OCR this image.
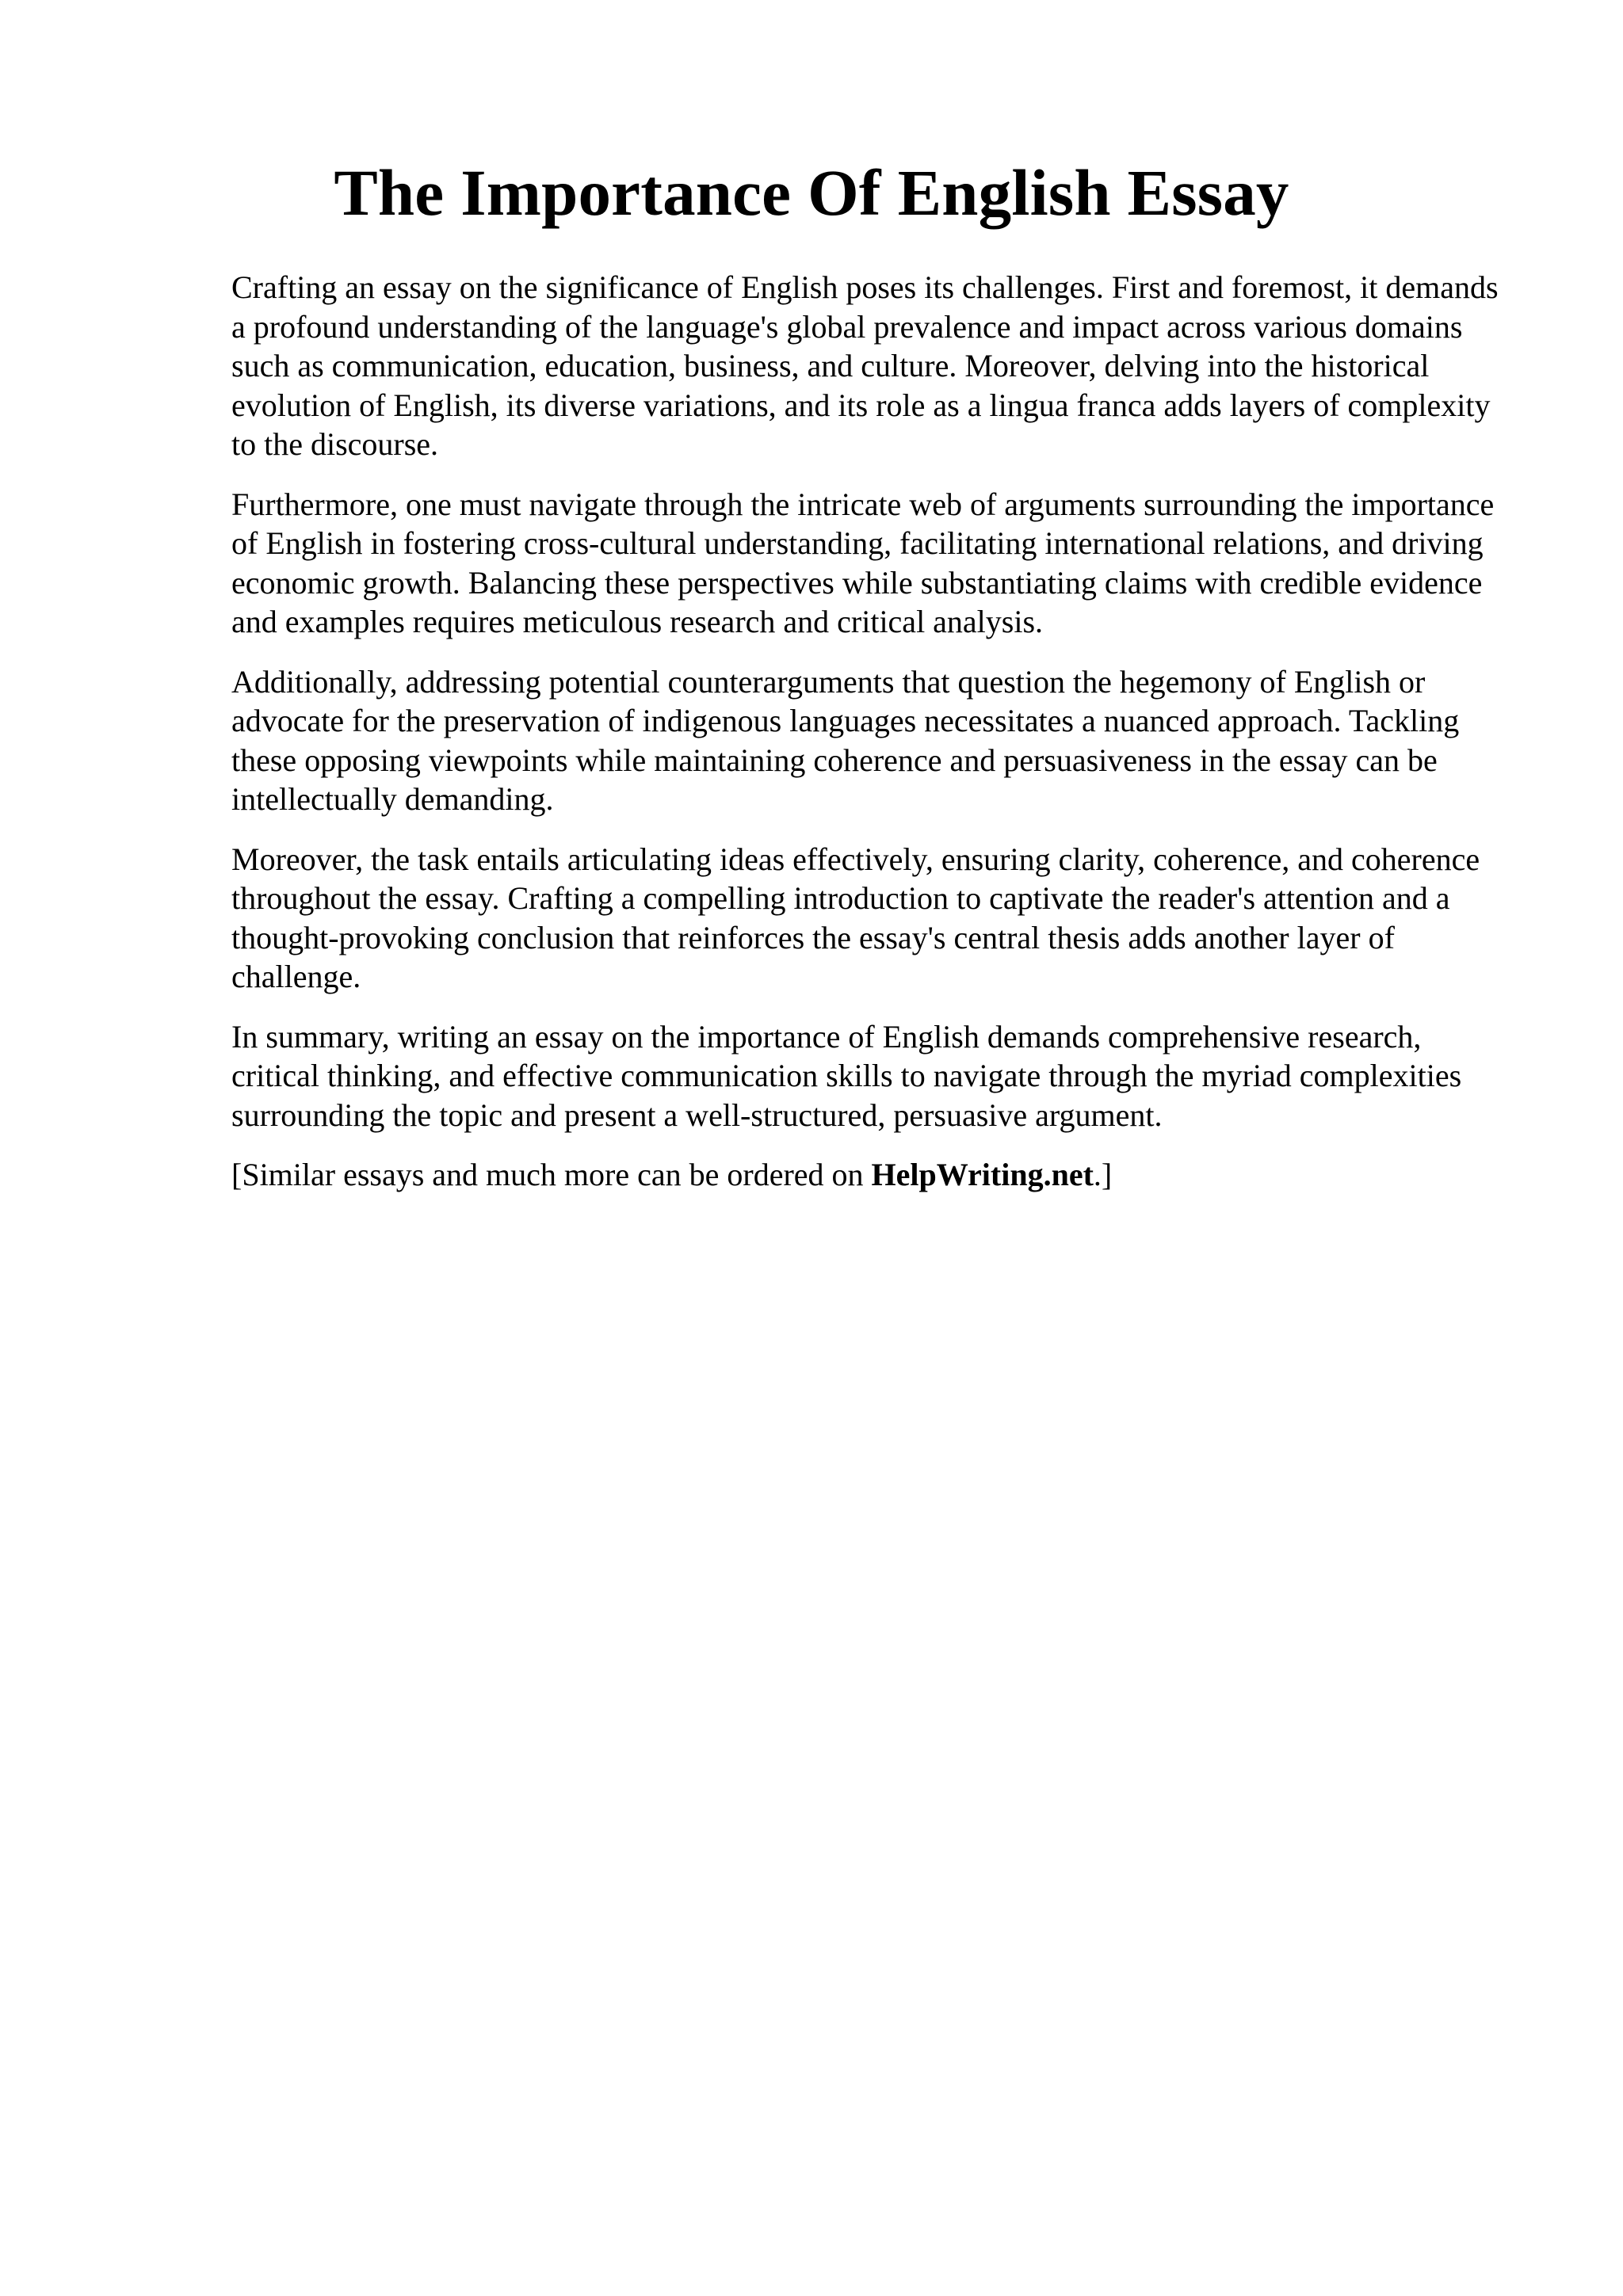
The Importance Of English Essay

Crafting an essay on the significance of English poses its challenges. First and foremost, it demands a profound understanding of the language's global prevalence and impact across various domains such as communication, education, business, and culture. Moreover, delving into the historical evolution of English, its diverse variations, and its role as a lingua franca adds layers of complexity to the discourse.

Furthermore, one must navigate through the intricate web of arguments surrounding the importance of English in fostering cross-cultural understanding, facilitating international relations, and driving economic growth. Balancing these perspectives while substantiating claims with credible evidence and examples requires meticulous research and critical analysis.

Additionally, addressing potential counterarguments that question the hegemony of English or advocate for the preservation of indigenous languages necessitates a nuanced approach. Tackling these opposing viewpoints while maintaining coherence and persuasiveness in the essay can be intellectually demanding.

Moreover, the task entails articulating ideas effectively, ensuring clarity, coherence, and coherence throughout the essay. Crafting a compelling introduction to captivate the reader's attention and a thought-provoking conclusion that reinforces the essay's central thesis adds another layer of challenge.

In summary, writing an essay on the importance of English demands comprehensive research, critical thinking, and effective communication skills to navigate through the myriad complexities surrounding the topic and present a well-structured, persuasive argument.

[Similar essays and much more can be ordered on HelpWriting.net.]
